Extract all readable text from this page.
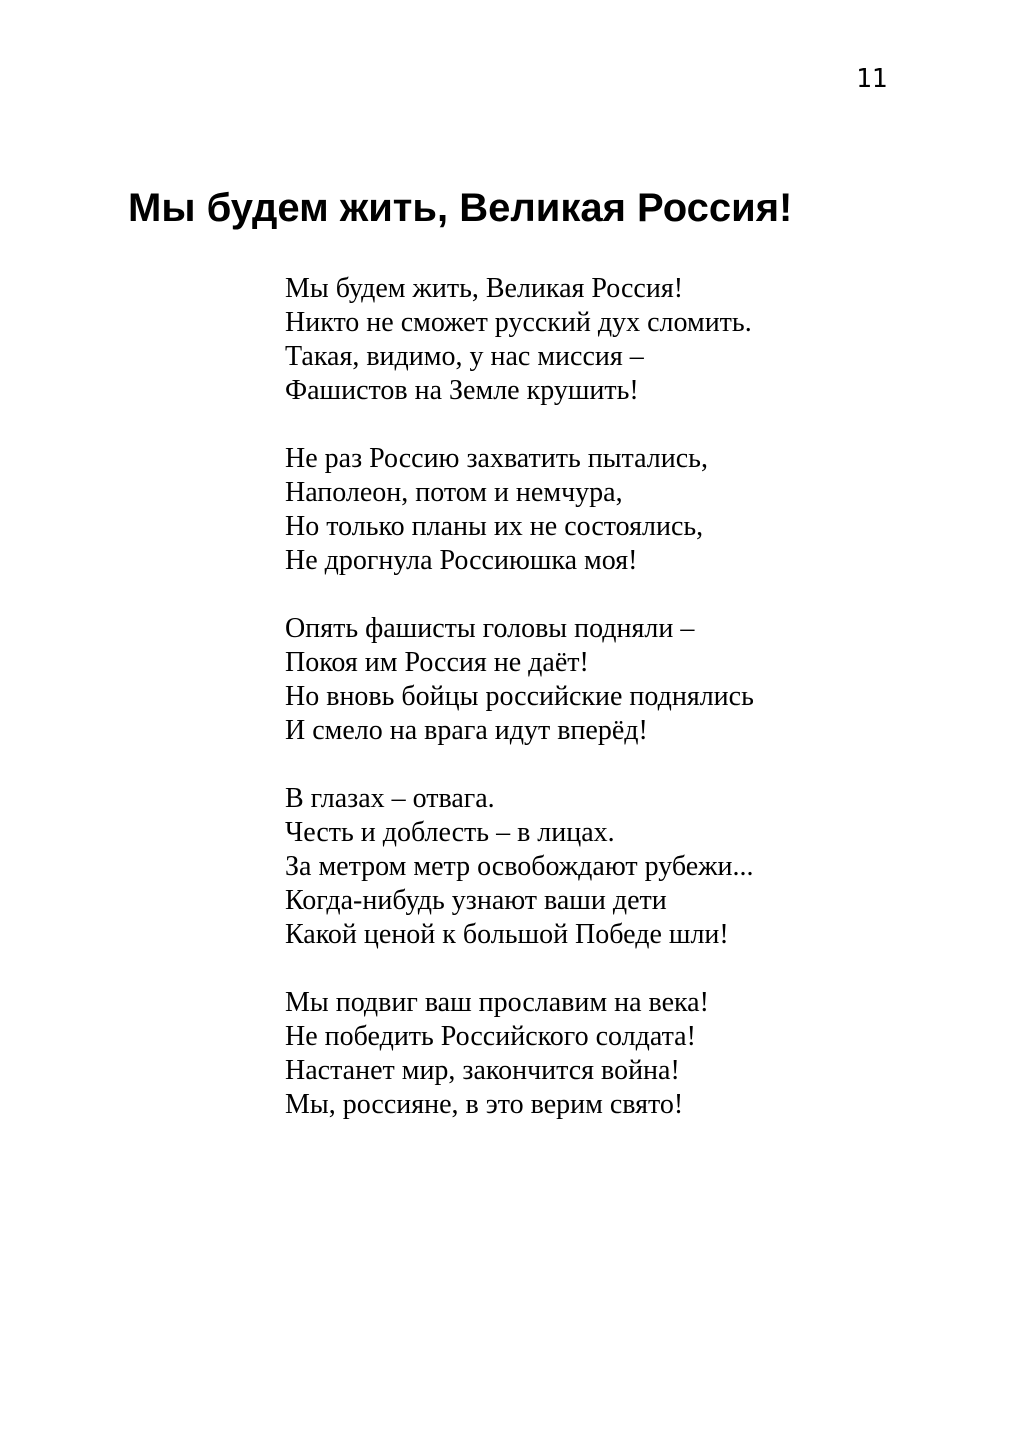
11
Мы будем жить, Великая Россия!

Мы будем жить, Великая Россия!

Никто не сможет русский дух сломить.

Такая, видимо, у нас миссия –

Фашистов на Земле крушить!

Не раз Россию захватить пытались,

Наполеон, потом и немчура,

Но только планы их не состоялись,

Не дрогнула Россиюшка моя!

Опять фашисты головы подняли –

Покоя им Россия не даёт!

Но вновь бойцы российские поднялись

И смело на врага идут вперёд!

В глазах – отвага.

Честь и доблесть – в лицах.

За метром метр освобождают рубежи...

Когда-нибудь узнают ваши дети

Какой ценой к большой Победе шли!

Мы подвиг ваш прославим на века!

Не победить Российского солдата!

Настанет мир, закончится война!

Мы, россияне, в это верим свято!
